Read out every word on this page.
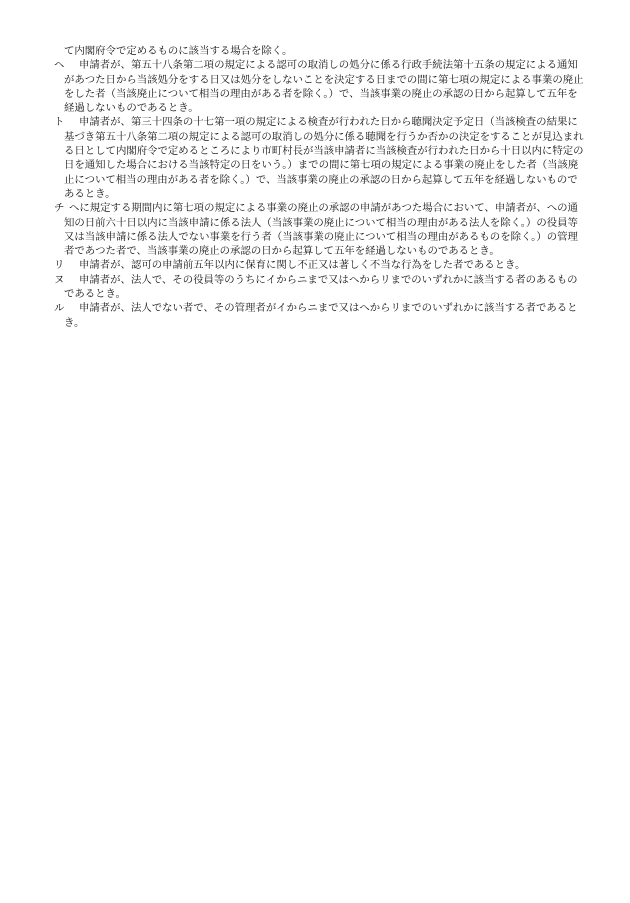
て内閣府令で定めるものに該当する場合を除く。
ヘ 申請者が、第五十八条第二項の規定による認可の取消しの処分に係る行政手続法第十五条の規定による通知があつた日から当該処分をする日又は処分をしないことを決定する日までの間に第七項の規定による事業の廃止をした者（当該廃止について相当の理由がある者を除く。）で、当該事業の廃止の承認の日から起算して五年を経過しないものであるとき。
ト 申請者が、第三十四条の十七第一項の規定による検査が行われた日から聴聞決定予定日（当該検査の結果に基づき第五十八条第二項の規定による認可の取消しの処分に係る聴聞を行うか否かの決定をすることが見込まれる日として内閣府令で定めるところにより市町村長が当該申請者に当該検査が行われた日から十日以内に特定の日を通知した場合における当該特定の日をいう。）までの間に第七項の規定による事業の廃止をした者（当該廃止について相当の理由がある者を除く。）で、当該事業の廃止の承認の日から起算して五年を経過しないものであるとき。
チ へに規定する期間内に第七項の規定による事業の廃止の承認の申請があつた場合において、申請者が、への通知の日前六十日以内に当該申請に係る法人（当該事業の廃止について相当の理由がある法人を除く。）の役員等又は当該申請に係る法人でない事業を行う者（当該事業の廃止について相当の理由があるものを除く。）の管理者であつた者で、当該事業の廃止の承認の日から起算して五年を経過しないものであるとき。
リ 申請者が、認可の申請前五年以内に保育に関し不正又は著しく不当な行為をした者であるとき。
ヌ 申請者が、法人で、その役員等のうちにイからニまで又はへからリまでのいずれかに該当する者のあるものであるとき。
ル 申請者が、法人でない者で、その管理者がイからニまで又はへからリまでのいずれかに該当する者であるとき。
